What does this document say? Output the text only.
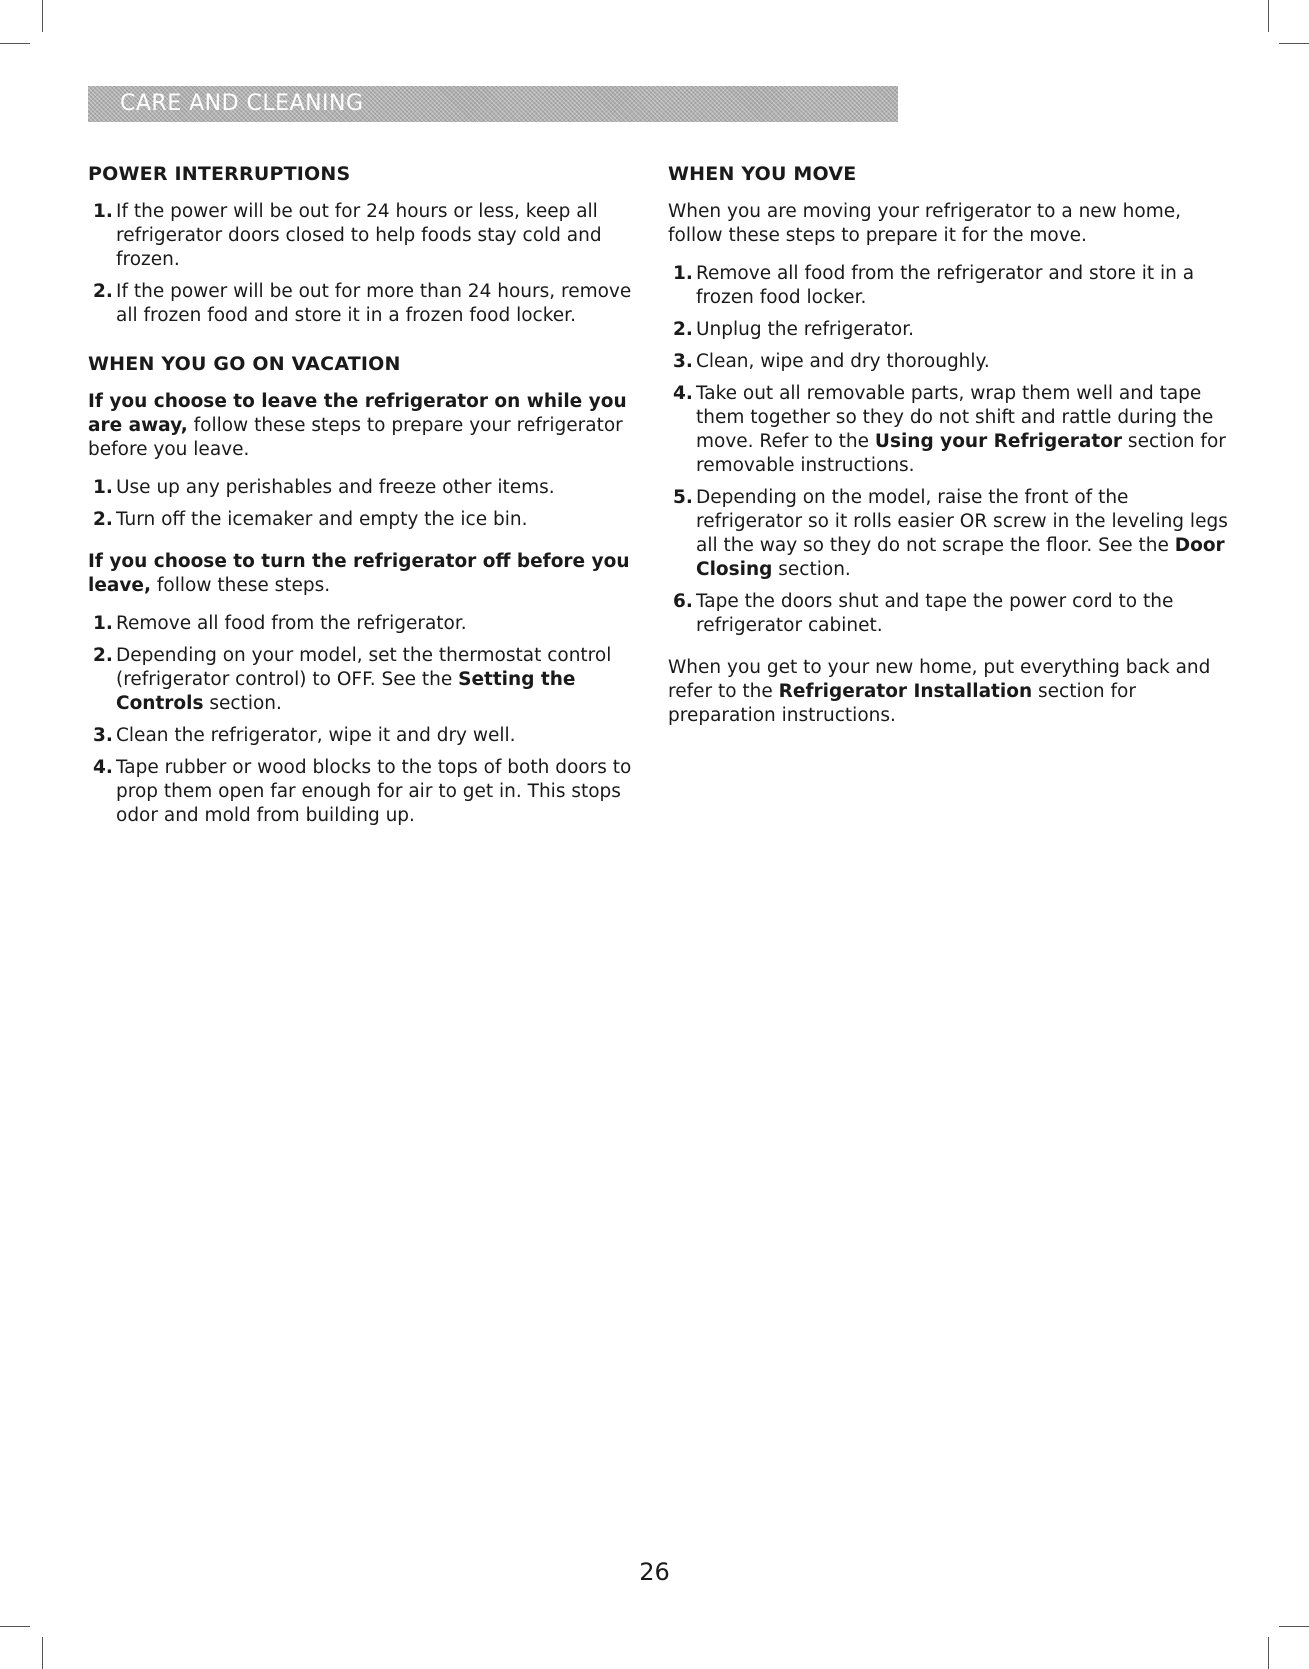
CARE AND CLEANING
POWER INTERRUPTIONS
1. If the power will be out for 24 hours or less, keep all refrigerator doors closed to help foods stay cold and frozen.
2. If the power will be out for more than 24 hours, remove all frozen food and store it in a frozen food locker.
WHEN YOU GO ON VACATION

If you choose to leave the refrigerator on while you are away, follow these steps to prepare your refrigerator before you leave.

1. Use up any perishables and freeze other items.
2. Turn off the icemaker and empty the ice bin.

If you choose to turn the refrigerator off before you leave, follow these steps.

1. Remove all food from the refrigerator.
2. Depending on your model, set the thermostat control (refrigerator control) to OFF. See the Setting the Controls section.
3. Clean the refrigerator, wipe it and dry well.
4. Tape rubber or wood blocks to the tops of both doors to prop them open far enough for air to get in. This stops odor and mold from building up.
WHEN YOU MOVE

When you are moving your refrigerator to a new home, follow these steps to prepare it for the move.

1. Remove all food from the refrigerator and store it in a frozen food locker.
2. Unplug the refrigerator.
3. Clean, wipe and dry thoroughly.
4. Take out all removable parts, wrap them well and tape them together so they do not shift and rattle during the move. Refer to the Using your Refrigerator section for removable instructions.
5. Depending on the model, raise the front of the refrigerator so it rolls easier OR screw in the leveling legs all the way so they do not scrape the floor. See the Door Closing section.
6. Tape the doors shut and tape the power cord to the refrigerator cabinet.

When you get to your new home, put everything back and refer to the Refrigerator Installation section for preparation instructions.

26
